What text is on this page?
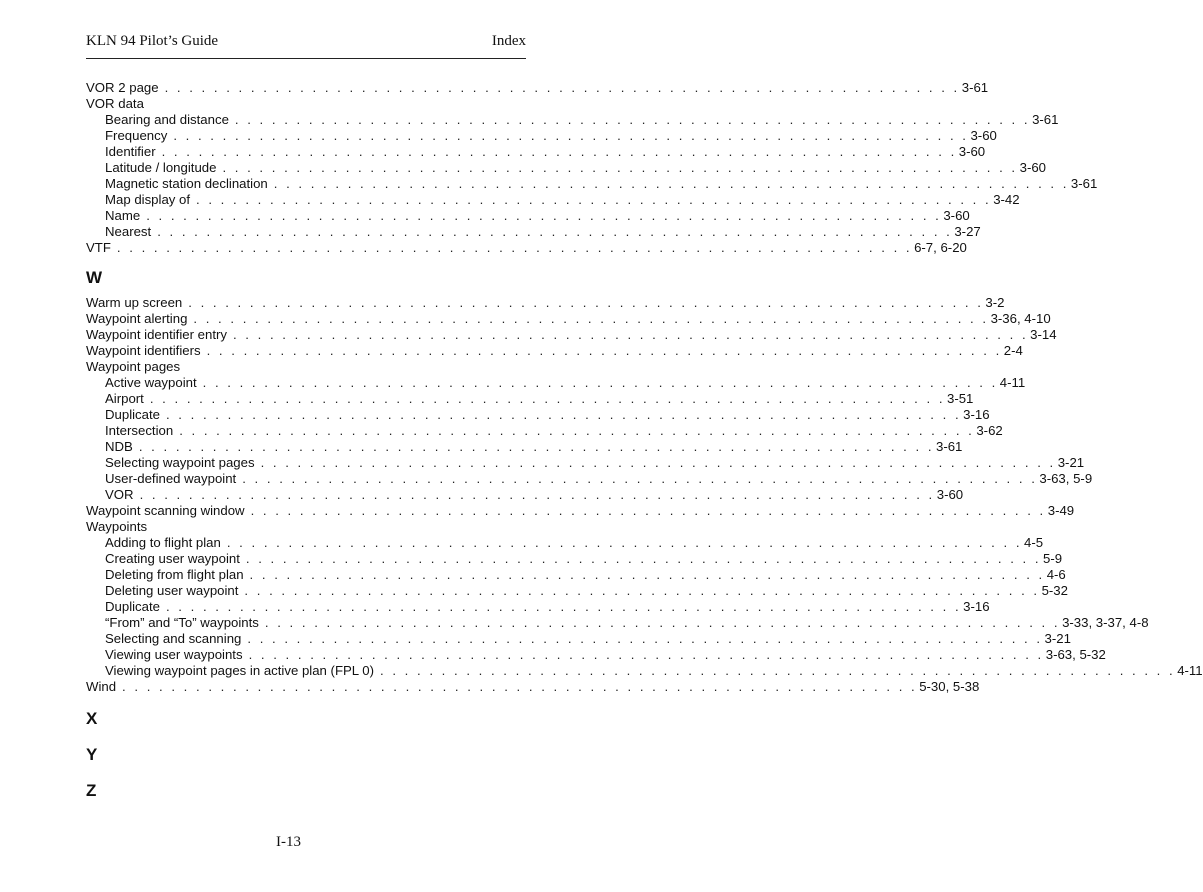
KLN 94 Pilot’s Guide	Index
VOR 2 page . . . . . . . . . . . . . . . . . . . . . . . . . . . . . . . . . . . . . . . . . . . . . . . . . . . . . . . . . . . . . . . . . 3-61
VOR data
Bearing and distance . . . . . . . . . . . . . . . . . . . . . . . . . . . . . . . . . . . . . . . . . . . . . . . . . . . . . . . . . . . . . . . . . 3-61
Frequency . . . . . . . . . . . . . . . . . . . . . . . . . . . . . . . . . . . . . . . . . . . . . . . . . . . . . . . . . . . . . . . . . 3-60
Identifier . . . . . . . . . . . . . . . . . . . . . . . . . . . . . . . . . . . . . . . . . . . . . . . . . . . . . . . . . . . . . . . . . 3-60
Latitude / longitude . . . . . . . . . . . . . . . . . . . . . . . . . . . . . . . . . . . . . . . . . . . . . . . . . . . . . . . . . . . . . . . . . 3-60
Magnetic station declination . . . . . . . . . . . . . . . . . . . . . . . . . . . . . . . . . . . . . . . . . . . . . . . . . . . . . . . . . . . . . . . . . 3-61
Map display of . . . . . . . . . . . . . . . . . . . . . . . . . . . . . . . . . . . . . . . . . . . . . . . . . . . . . . . . . . . . . . . . . 3-42
Name . . . . . . . . . . . . . . . . . . . . . . . . . . . . . . . . . . . . . . . . . . . . . . . . . . . . . . . . . . . . . . . . . 3-60
Nearest . . . . . . . . . . . . . . . . . . . . . . . . . . . . . . . . . . . . . . . . . . . . . . . . . . . . . . . . . . . . . . . . . 3-27
VTF . . . . . . . . . . . . . . . . . . . . . . . . . . . . . . . . . . . . . . . . . . . . . . . . . . . . . . . . . . . . . . . . . 6-7, 6-20
W
Warm up screen . . . . . . . . . . . . . . . . . . . . . . . . . . . . . . . . . . . . . . . . . . . . . . . . . . . . . . . . . . . . . . . . . 3-2
Waypoint alerting . . . . . . . . . . . . . . . . . . . . . . . . . . . . . . . . . . . . . . . . . . . . . . . . . . . . . . . . . . . . . . . . . 3-36, 4-10
Waypoint identifier entry . . . . . . . . . . . . . . . . . . . . . . . . . . . . . . . . . . . . . . . . . . . . . . . . . . . . . . . . . . . . . . . . . 3-14
Waypoint identifiers . . . . . . . . . . . . . . . . . . . . . . . . . . . . . . . . . . . . . . . . . . . . . . . . . . . . . . . . . . . . . . . . . 2-4
Waypoint pages
Active waypoint . . . . . . . . . . . . . . . . . . . . . . . . . . . . . . . . . . . . . . . . . . . . . . . . . . . . . . . . . . . . . . . . . 4-11
Airport . . . . . . . . . . . . . . . . . . . . . . . . . . . . . . . . . . . . . . . . . . . . . . . . . . . . . . . . . . . . . . . . . 3-51
Duplicate . . . . . . . . . . . . . . . . . . . . . . . . . . . . . . . . . . . . . . . . . . . . . . . . . . . . . . . . . . . . . . . . . 3-16
Intersection . . . . . . . . . . . . . . . . . . . . . . . . . . . . . . . . . . . . . . . . . . . . . . . . . . . . . . . . . . . . . . . . . 3-62
NDB . . . . . . . . . . . . . . . . . . . . . . . . . . . . . . . . . . . . . . . . . . . . . . . . . . . . . . . . . . . . . . . . . 3-61
Selecting waypoint pages . . . . . . . . . . . . . . . . . . . . . . . . . . . . . . . . . . . . . . . . . . . . . . . . . . . . . . . . . . . . . . . . . 3-21
User-defined waypoint . . . . . . . . . . . . . . . . . . . . . . . . . . . . . . . . . . . . . . . . . . . . . . . . . . . . . . . . . . . . . . . . . 3-63, 5-9
VOR . . . . . . . . . . . . . . . . . . . . . . . . . . . . . . . . . . . . . . . . . . . . . . . . . . . . . . . . . . . . . . . . . 3-60
Waypoint scanning window . . . . . . . . . . . . . . . . . . . . . . . . . . . . . . . . . . . . . . . . . . . . . . . . . . . . . . . . . . . . . . . . . 3-49
Waypoints
Adding to flight plan . . . . . . . . . . . . . . . . . . . . . . . . . . . . . . . . . . . . . . . . . . . . . . . . . . . . . . . . . . . . . . . . . 4-5
Creating user waypoint . . . . . . . . . . . . . . . . . . . . . . . . . . . . . . . . . . . . . . . . . . . . . . . . . . . . . . . . . . . . . . . . . 5-9
Deleting from flight plan . . . . . . . . . . . . . . . . . . . . . . . . . . . . . . . . . . . . . . . . . . . . . . . . . . . . . . . . . . . . . . . . . 4-6
Deleting user waypoint . . . . . . . . . . . . . . . . . . . . . . . . . . . . . . . . . . . . . . . . . . . . . . . . . . . . . . . . . . . . . . . . . 5-32
Duplicate . . . . . . . . . . . . . . . . . . . . . . . . . . . . . . . . . . . . . . . . . . . . . . . . . . . . . . . . . . . . . . . . . 3-16
“From” and “To” waypoints . . . . . . . . . . . . . . . . . . . . . . . . . . . . . . . . . . . . . . . . . . . . . . . . . . . . . . . . . . . . . . . . . 3-33, 3-37, 4-8
Selecting and scanning . . . . . . . . . . . . . . . . . . . . . . . . . . . . . . . . . . . . . . . . . . . . . . . . . . . . . . . . . . . . . . . . . 3-21
Viewing user waypoints . . . . . . . . . . . . . . . . . . . . . . . . . . . . . . . . . . . . . . . . . . . . . . . . . . . . . . . . . . . . . . . . . 3-63, 5-32
Viewing waypoint pages in active plan (FPL 0) . . . . . . . . . . . . . . . . . . . . . . . . . . . . . . . . . . . . . . . . . . . . . . . . . . . . . . . . . . . . . . . . . 4-11
Wind . . . . . . . . . . . . . . . . . . . . . . . . . . . . . . . . . . . . . . . . . . . . . . . . . . . . . . . . . . . . . . . . . 5-30, 5-38
X
Y
Z
I-13
